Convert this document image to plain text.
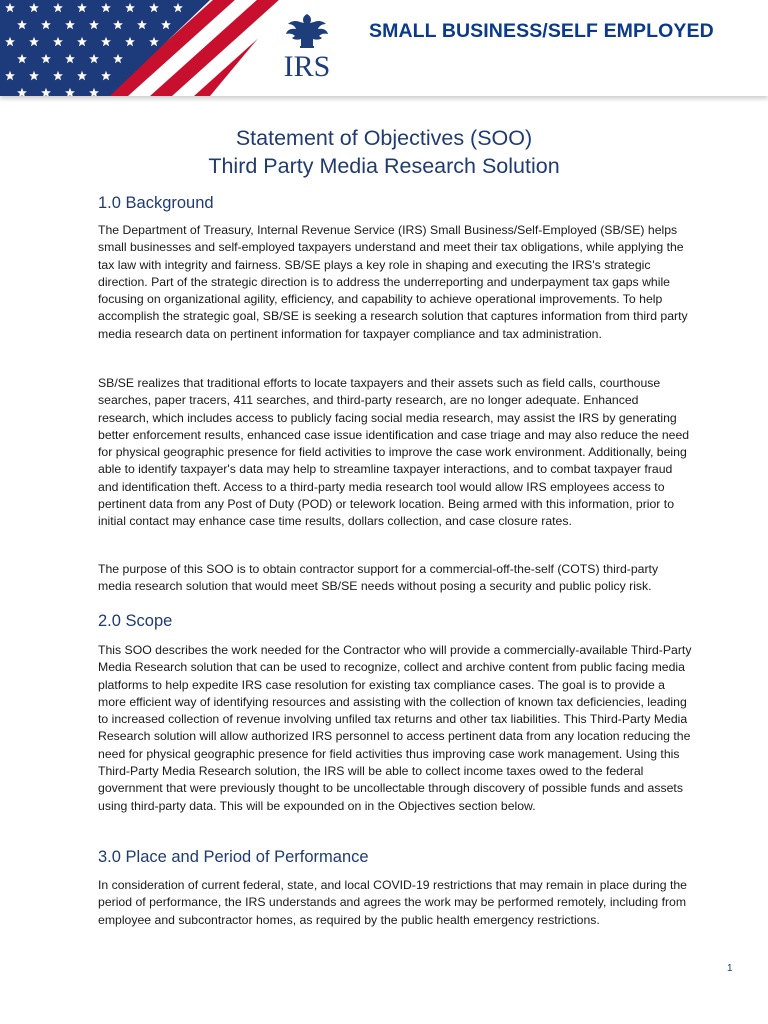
IRS
SMALL BUSINESS/SELF EMPLOYED
Statement of Objectives (SOO)
Third Party Media Research Solution
1.0 Background

The Department of Treasury, Internal Revenue Service (IRS) Small Business/Self-Employed (SB/SE) helps small businesses and self-employed taxpayers understand and meet their tax obligations, while applying the tax law with integrity and fairness. SB/SE plays a key role in shaping and executing the IRS's strategic direction. Part of the strategic direction is to address the underreporting and underpayment tax gaps while focusing on organizational agility, efficiency, and capability to achieve operational improvements. To help accomplish the strategic goal, SB/SE is seeking a research solution that captures information from third party media research data on pertinent information for taxpayer compliance and tax administration.

SB/SE realizes that traditional efforts to locate taxpayers and their assets such as field calls, courthouse searches, paper tracers, 411 searches, and third-party research, are no longer adequate. Enhanced research, which includes access to publicly facing social media research, may assist the IRS by generating better enforcement results, enhanced case issue identification and case triage and may also reduce the need for physical geographic presence for field activities to improve the case work environment. Additionally, being able to identify taxpayer's data may help to streamline taxpayer interactions, and to combat taxpayer fraud and identification theft. Access to a third-party media research tool would allow IRS employees access to pertinent data from any Post of Duty (POD) or telework location. Being armed with this information, prior to initial contact may enhance case time results, dollars collection, and case closure rates.

The purpose of this SOO is to obtain contractor support for a commercial-off-the-self (COTS) third-party media research solution that would meet SB/SE needs without posing a security and public policy risk.

2.0 Scope

This SOO describes the work needed for the Contractor who will provide a commercially-available Third-Party Media Research solution that can be used to recognize, collect and archive content from public facing media platforms to help expedite IRS case resolution for existing tax compliance cases. The goal is to provide a more efficient way of identifying resources and assisting with the collection of known tax deficiencies, leading to increased collection of revenue involving unfiled tax returns and other tax liabilities. This Third-Party Media Research solution will allow authorized IRS personnel to access pertinent data from any location reducing the need for physical geographic presence for field activities thus improving case work management. Using this Third-Party Media Research solution, the IRS will be able to collect income taxes owed to the federal government that were previously thought to be uncollectable through discovery of possible funds and assets using third-party data. This will be expounded on in the Objectives section below.

3.0 Place and Period of Performance

In consideration of current federal, state, and local COVID-19 restrictions that may remain in place during the period of performance, the IRS understands and agrees the work may be performed remotely, including from employee and subcontractor homes, as required by the public health emergency restrictions.

1
